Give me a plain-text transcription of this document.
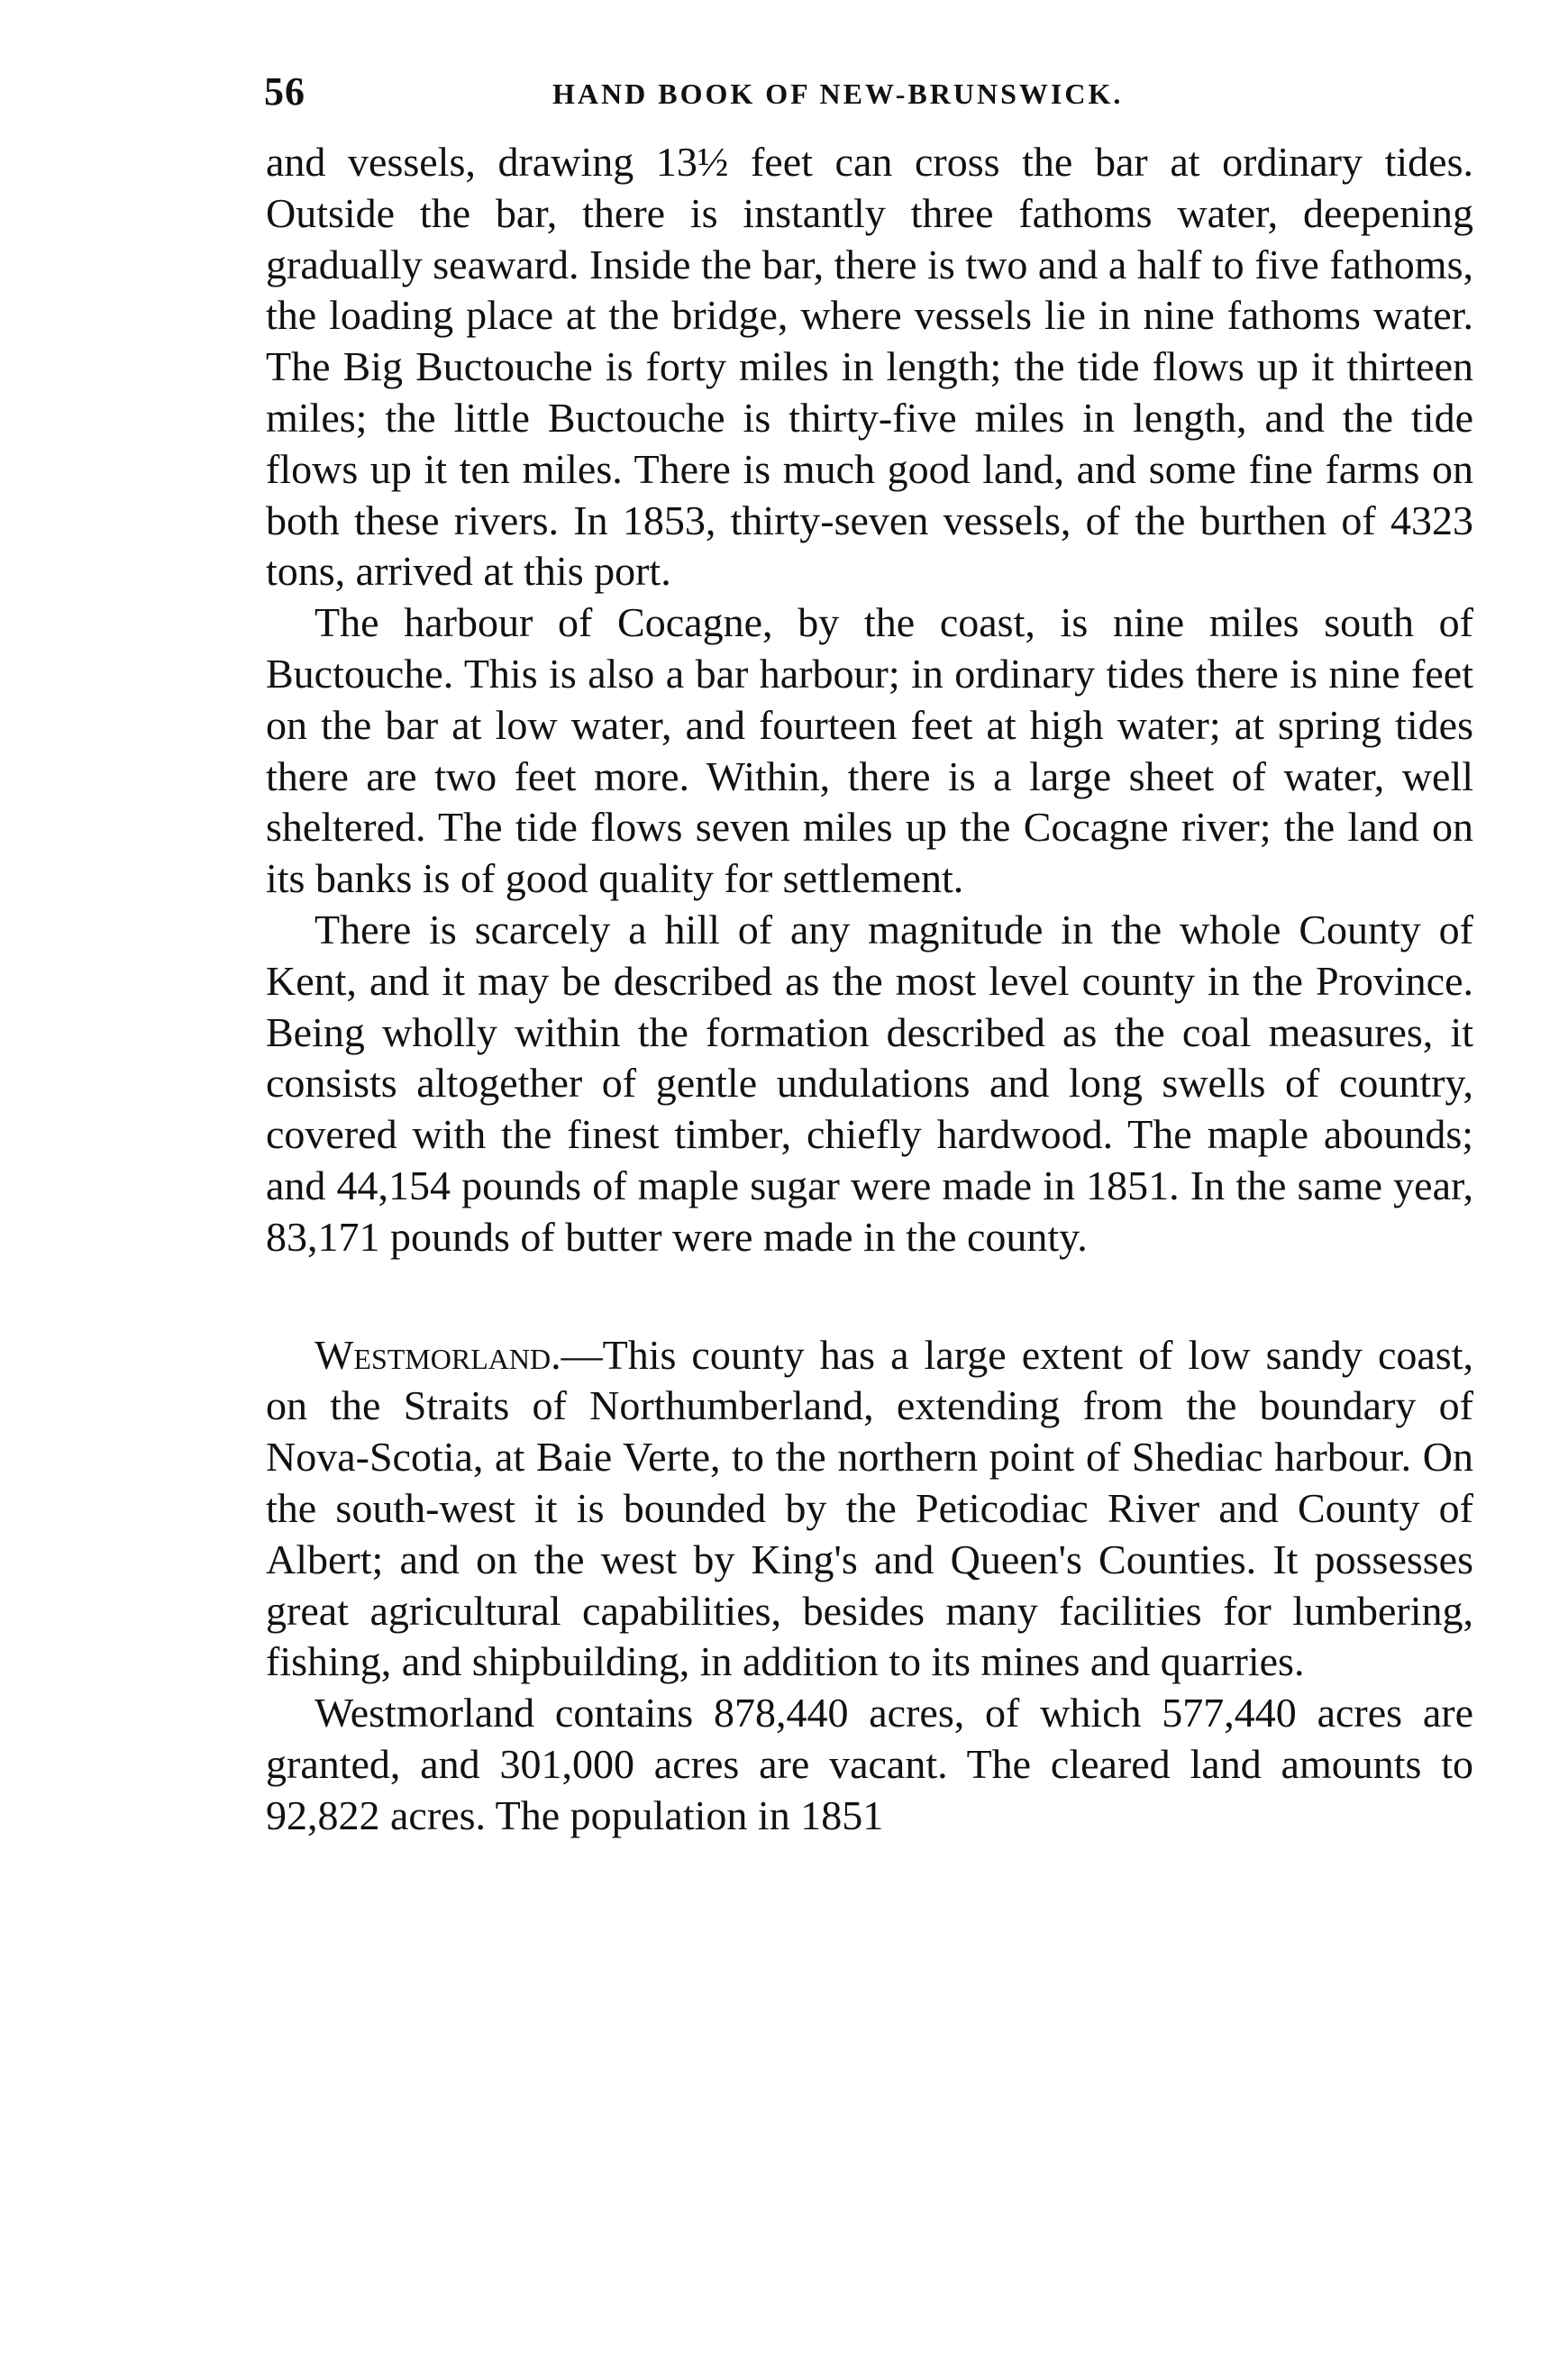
56	HAND BOOK OF NEW-BRUNSWICK.

and vessels, drawing 13½ feet can cross the bar at ordinary tides. Outside the bar, there is instantly three fathoms water, deepening gradually seaward. Inside the bar, there is two and a half to five fathoms, the loading place at the bridge, where vessels lie in nine fathoms water. The Big Buctouche is forty miles in length; the tide flows up it thirteen miles; the little Buctouche is thirty-five miles in length, and the tide flows up it ten miles. There is much good land, and some fine farms on both these rivers. In 1853, thirty-seven vessels, of the burthen of 4323 tons, arrived at this port.

The harbour of Cocagne, by the coast, is nine miles south of Buctouche. This is also a bar harbour; in ordinary tides there is nine feet on the bar at low water, and fourteen feet at high water; at spring tides there are two feet more. Within, there is a large sheet of water, well sheltered. The tide flows seven miles up the Cocagne river; the land on its banks is of good quality for settlement.

There is scarcely a hill of any magnitude in the whole County of Kent, and it may be described as the most level county in the Province. Being wholly within the formation described as the coal measures, it consists altogether of gentle undulations and long swells of country, covered with the finest timber, chiefly hardwood. The maple abounds; and 44,154 pounds of maple sugar were made in 1851. In the same year, 83,171 pounds of butter were made in the county.

Westmorland.—This county has a large extent of low sandy coast, on the Straits of Northumberland, extending from the boundary of Nova-Scotia, at Baie Verte, to the northern point of Shediac harbour. On the south-west it is bounded by the Peticodiac River and County of Albert; and on the west by King's and Queen's Counties. It possesses great agricultural capabilities, besides many facilities for lumbering, fishing, and shipbuilding, in addition to its mines and quarries.

Westmorland contains 878,440 acres, of which 577,440 acres are granted, and 301,000 acres are vacant. The cleared land amounts to 92,822 acres. The population in 1851
